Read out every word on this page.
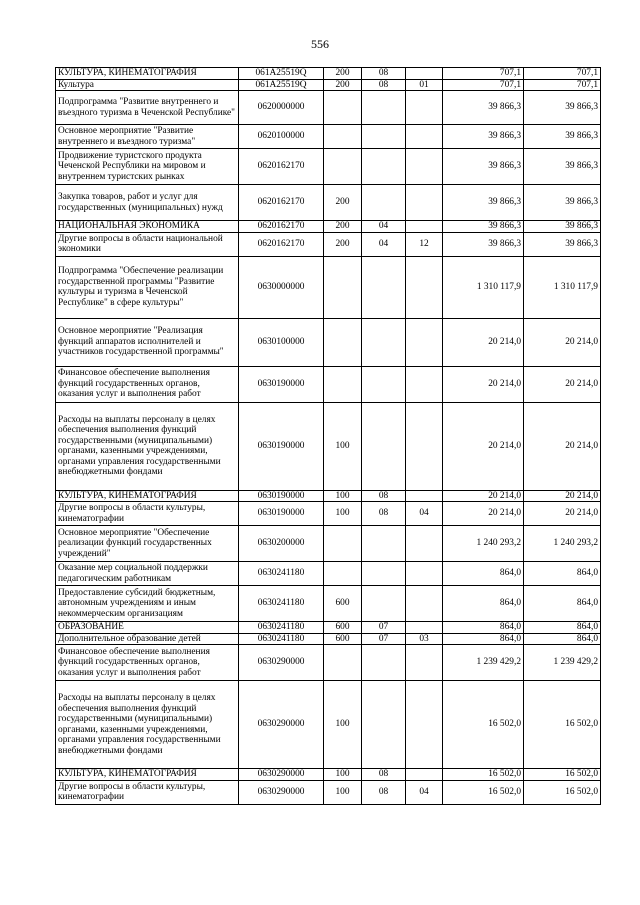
556
КУЛЬТУРА, КИНЕМАТОГРАФИЯ	061А25519Q	200	08		707,1	707,1
Культура	061А25519Q	200	08	01	707,1	707,1
Подпрограмма "Развитие внутреннего и въездного туризма в Чеченской Республике"	0620000000				39 866,3	39 866,3
Основное мероприятие "Развитие внутреннего и въездного туризма"	0620100000				39 866,3	39 866,3
Продвижение туристского продукта Чеченской Республики на мировом и внутреннем туристских рынках	0620162170				39 866,3	39 866,3
Закупка товаров, работ и услуг для государственных (муниципальных) нужд	0620162170	200			39 866,3	39 866,3
НАЦИОНАЛЬНАЯ ЭКОНОМИКА	0620162170	200	04		39 866,3	39 866,3
Другие вопросы в области национальной экономики	0620162170	200	04	12	39 866,3	39 866,3
Подпрограмма "Обеспечение реализации государственной программы "Развитие культуры и туризма в Чеченской Республике" в сфере культуры"	0630000000				1 310 117,9	1 310 117,9
Основное мероприятие "Реализация функций аппаратов исполнителей и участников государственной программы"	0630100000				20 214,0	20 214,0
Финансовое обеспечение выполнения функций государственных органов, оказания услуг и выполнения работ	0630190000				20 214,0	20 214,0
Расходы на выплаты персоналу в целях обеспечения выполнения функций государственными (муниципальными) органами, казенными учреждениями, органами управления государственными внебюджетными фондами	0630190000	100			20 214,0	20 214,0
КУЛЬТУРА, КИНЕМАТОГРАФИЯ	0630190000	100	08		20 214,0	20 214,0
Другие вопросы в области культуры, кинематографии	0630190000	100	08	04	20 214,0	20 214,0
Основное мероприятие "Обеспечение реализации функций государственных учреждений"	0630200000				1 240 293,2	1 240 293,2
Оказание мер социальной поддержки педагогическим работникам	0630241180				864,0	864,0
Предоставление субсидий бюджетным, автономным учреждениям и иным некоммерческим организациям	0630241180	600			864,0	864,0
ОБРАЗОВАНИЕ	0630241180	600	07		864,0	864,0
Дополнительное образование детей	0630241180	600	07	03	864,0	864,0
Финансовое обеспечение выполнения функций государственных органов, оказания услуг и выполнения работ	0630290000				1 239 429,2	1 239 429,2
Расходы на выплаты персоналу в целях обеспечения выполнения функций государственными (муниципальными) органами, казенными учреждениями, органами управления государственными внебюджетными фондами	0630290000	100			16 502,0	16 502,0
КУЛЬТУРА, КИНЕМАТОГРАФИЯ	0630290000	100	08		16 502,0	16 502,0
Другие вопросы в области культуры, кинематографии	0630290000	100	08	04	16 502,0	16 502,0
